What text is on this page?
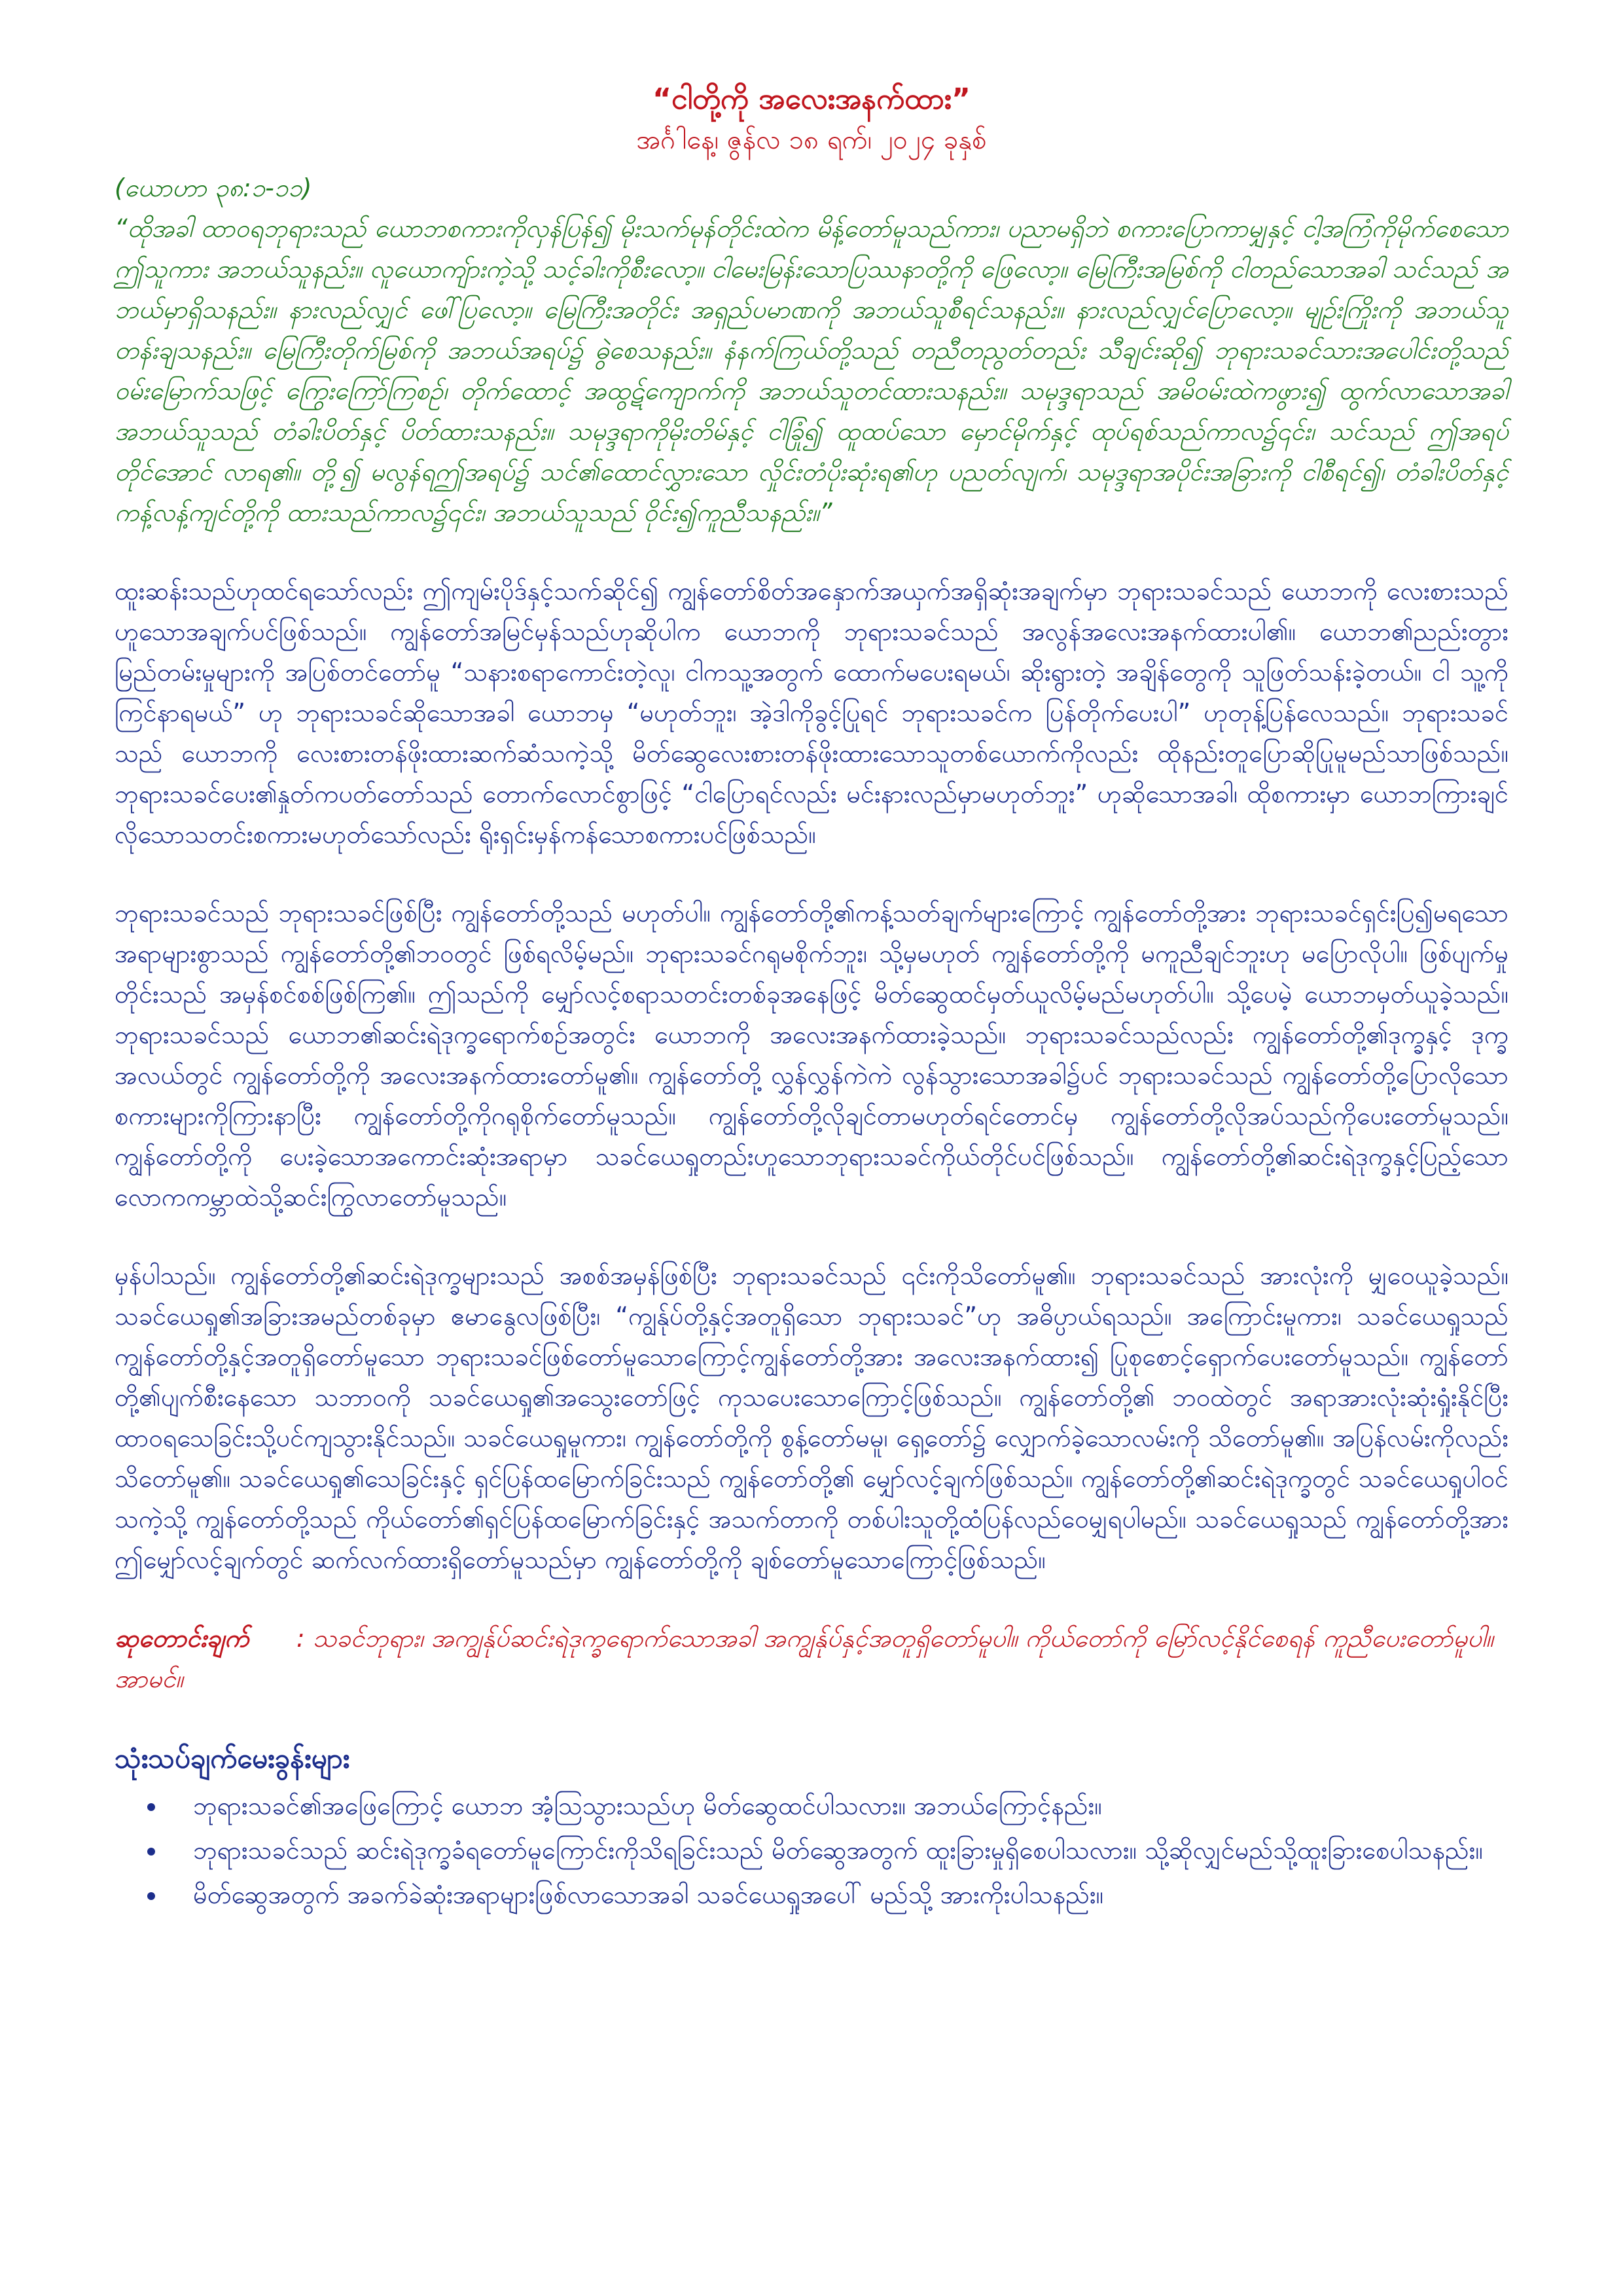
“ငါတို့ကို အလေးအနက်ထား”
အင်္ဂါနေ့၊ ဇွန်လ ၁၈ ရက်၊ ၂၀၂၄ ခုနှစ်
(ယောဟာ ၃၈:၁-၁၁)
“ထိုအခါ ထာဝရဘုရားသည် ယောဘစကားကိုလှန်ပြန်၍ မိုးသက်မုန်တိုင်းထဲက မိန့်တော်မူသည်ကား၊ ပညာမရှိဘဲ စကားပြောကာမျှနှင့် ငါ့အကြံကိုမိုက်စေသော ဤသူကား အဘယ်သူနည်း။ လူယောကျ်ားကဲ့သို့ သင့်ခါးကိုစီးလော့။ ငါမေးမြန်းသောပြဿနာတို့ကို ဖြေလော့။ မြေကြီးအမြစ်ကို ငါတည်သောအခါ သင်သည် အဘယ်မှာရှိသနည်း။ နားလည်လျှင် ဖေါ်ပြလော့။ မြေကြီးအတိုင်း အရှည်ပမာဏကို အဘယ်သူစီရင်သနည်း။ နားလည်လျှင်ပြောလော့။ မျဉ်းကြိုးကို အဘယ်သူတန်းချသနည်း။ မြေကြီးတိုက်မြစ်ကို အဘယ်အရပ်၌ ဓွဲစေသနည်း။ နံနက်ကြယ်တို့သည် တညီတညွတ်တည်း သီချင်းဆို၍ ဘုရားသခင်သားအပေါင်းတို့သည် ဝမ်းမြောက်သဖြင့် ကြွေးကြော်ကြစဉ်၊ တိုက်ထောင့် အထွဋ်ကျောက်ကို အဘယ်သူတင်ထားသနည်း။ သမုဒ္ဒရာသည် အမိဝမ်းထဲကဖွား၍ ထွက်လာသောအခါ အဘယ်သူသည် တံခါးပိတ်နှင့် ပိတ်ထားသနည်း။ သမုဒ္ဒရာကိုမိုးတိမ်နှင့် ငါခြုံ၍ ထူထပ်သော မှောင်မိုက်နှင့် ထုပ်ရစ်သည်ကာလ၌၎င်း၊ သင်သည် ဤအရပ်တိုင်အောင် လာရ၏။ တို့၍ မလွန်ရဤအရပ်၌ သင်၏ထောင်လွှားသော လှိုင်းတံပိုးဆုံးရ၏ဟု ပညတ်လျက်၊ သမုဒ္ဒရာအပိုင်းအခြားကို ငါစီရင်၍၊ တံခါးပိတ်နှင့် ကန့်လန့်ကျင်တို့ကို ထားသည်ကာလ၌၎င်း၊ အဘယ်သူသည် ဝိုင်း၍ကူညီသနည်း။”
ထူးဆန်းသည်ဟုထင်ရသော်လည်း ဤကျမ်းပိုဒ်နှင့်သက်ဆိုင်၍ ကျွန်တော်စိတ်အနှောက်အယှက်အရှိဆုံးအချက်မှာ ဘုရားသခင်သည် ယောဘကို လေးစားသည်ဟူသောအချက်ပင်ဖြစ်သည်။ ကျွန်တော်အမြင်မှန်သည်ဟုဆိုပါက ယောဘကို ဘုရားသခင်သည် အလွန်အလေးအနက်ထားပါ၏။ ယောဘ၏ညည်းတွားမြည်တမ်းမှုများကို အပြစ်တင်တော်မူ “သနားစရာကောင်းတဲ့လူ၊ ငါကသူ့အတွက် ထောက်မပေးရမယ်၊ ဆိုးရွားတဲ့ အချိန်တွေကို သူဖြတ်သန်းခဲ့တယ်။ ငါ သူ့ကို ကြင်နာရမယ်” ဟု ဘုရားသခင်ဆိုသောအခါ ယောဘမှ “မဟုတ်ဘူး၊ အဲ့ဒါကိုခွင့်ပြုရင် ဘုရားသခင်က ပြန်တိုက်ပေးပါ” ဟုတုန့်ပြန်လေသည်။ ဘုရားသခင်သည် ယောဘကို လေးစားတန်ဖိုးထားဆက်ဆံသကဲ့သို့ မိတ်ဆွေလေးစားတန်ဖိုးထားသောသူတစ်ယောက်ကိုလည်း ထိုနည်းတူပြောဆိုပြုမူမည်သာဖြစ်သည်။ ဘုရားသခင်ပေး၏နှုတ်ကပတ်တော်သည် တောက်လောင်စွာဖြင့် “ငါပြောရင်လည်း မင်းနားလည်မှာမဟုတ်ဘူး” ဟုဆိုသောအခါ၊ ထိုစကားမှာ ယောဘကြားချင်လိုသောသတင်းစကားမဟုတ်သော်လည်း ရိုးရှင်းမှန်ကန်သောစကားပင်ဖြစ်သည်။
ဘုရားသခင်သည် ဘုရားသခင်ဖြစ်ပြီး ကျွန်တော်တို့သည် မဟုတ်ပါ။ ကျွန်တော်တို့၏ကန့်သတ်ချက်များကြောင့် ကျွန်တော်တို့အား ဘုရားသခင်ရှင်းပြ၍မရသော အရာများစွာသည် ကျွန်တော်တို့၏ဘဝတွင် ဖြစ်ရလိမ့်မည်။ ဘုရားသခင်ဂရုမစိုက်ဘူး၊ သို့မှမဟုတ် ကျွန်တော်တို့ကို မကူညီချင်ဘူးဟု မပြောလိုပါ။ ဖြစ်ပျက်မှုတိုင်းသည် အမှန်စင်စစ်ဖြစ်ကြ၏။ ဤသည်ကို မျှော်လင့်စရာသတင်းတစ်ခုအနေဖြင့် မိတ်ဆွေထင်မှတ်ယူလိမ့်မည်မဟုတ်ပါ။ သို့ပေမဲ့ ယောဘမှတ်ယူခဲ့သည်။ ဘုရားသခင်သည် ယောဘ၏ဆင်းရဲဒုက္ခရောက်စဉ်အတွင်း ယောဘကို အလေးအနက်ထားခဲ့သည်။ ဘုရားသခင်သည်လည်း ကျွန်တော်တို့၏ဒုက္ခနှင့် ဒုက္ခအလယ်တွင် ကျွန်တော်တို့ကို အလေးအနက်ထားတော်မူ၏။ ကျွန်တော်တို့ လွှန်လွှန်ကဲကဲ လွန်သွားသောအခါ၌ပင် ဘုရားသခင်သည် ကျွန်တော်တို့ပြောလိုသောစကားများကိုကြားနာပြီး ကျွန်တော်တို့ကိုဂရုစိုက်တော်မူသည်။ ကျွန်တော်တို့လိုချင်တာမဟုတ်ရင်တောင်မှ ကျွန်တော်တို့လိုအပ်သည်ကိုပေးတော်မူသည်။ ကျွန်တော်တို့ကို ပေးခဲ့သောအကောင်းဆုံးအရာမှာ သခင်ယေရှုတည်းဟူသောဘုရားသခင်ကိုယ်တိုင်ပင်ဖြစ်သည်။ ကျွန်တော်တို့၏ဆင်းရဲဒုက္ခနှင့်ပြည့်သောလောကကမ္ဘာထဲသို့ဆင်းကြွလာတော်မူသည်။
မှန်ပါသည်။ ကျွန်တော်တို့၏ဆင်းရဲဒုက္ခများသည် အစစ်အမှန်ဖြစ်ပြီး ဘုရားသခင်သည် ၎င်းကိုသိတော်မူ၏။ ဘုရားသခင်သည် အားလုံးကို မျှဝေယူခဲ့သည်။ သခင်ယေရှု၏အခြားအမည်တစ်ခုမှာ ဧမာနွေလဖြစ်ပြီး၊ “ကျွန်ုပ်တို့နှင့်အတူရှိသော ဘုရားသခင်”ဟု အဓိပ္ပာယ်ရသည်။ အကြောင်းမူကား၊ သခင်ယေရှုသည် ကျွန်တော်တို့နှင့်အတူရှိတော်မူသော ဘုရားသခင်ဖြစ်တော်မူသောကြောင့်ကျွန်တော်တို့အား အလေးအနက်ထား၍ ပြုစုစောင့်ရှောက်ပေးတော်မူသည်။ ကျွန်တော်တို့၏ပျက်စီးနေသော သဘာဝကို သခင်ယေရှု၏အသွေးတော်ဖြင့် ကုသပေးသောကြောင့်ဖြစ်သည်။ ကျွန်တော်တို့၏ ဘဝထဲတွင် အရာအားလုံးဆုံးရှုံးနိုင်ပြီး ထာဝရသေခြင်းသို့ပင်ကျသွားနိုင်သည်။ သခင်ယေရှုမူကား၊ ကျွန်တော်တို့ကို စွန့်တော်မမူ၊ ရှေ့တော်၌ လျှောက်ခဲ့သောလမ်းကို သိတော်မူ၏။ အပြန်လမ်းကိုလည်း သိတော်မူ၏။ သခင်ယေရှု၏သေခြင်းနှင့် ရှင်ပြန်ထမြောက်ခြင်းသည် ကျွန်တော်တို့၏ မျှော်လင့်ချက်ဖြစ်သည်။ ကျွန်တော်တို့၏ဆင်းရဲဒုက္ခတွင် သခင်ယေရှုပါဝင်သကဲ့သို့ ကျွန်တော်တို့သည် ကိုယ်တော်၏ရှင်ပြန်ထမြောက်ခြင်းနှင့် အသက်တာကို တစ်ပါးသူတို့ထံပြန်လည်ဝေမျှရပါမည်။ သခင်ယေရှုသည် ကျွန်တော်တို့အား ဤမျှော်လင့်ချက်တွင် ဆက်လက်ထားရှိတော်မူသည်မှာ ကျွန်တော်တို့ကို ချစ်တော်မူသောကြောင့်ဖြစ်သည်။
ဆုတောင်းချက် : သခင်ဘုရား၊ အကျွန်ုပ်ဆင်းရဲဒုက္ခရောက်သောအခါ အကျွန်ုပ်နှင့်အတူရှိတော်မူပါ။ ကိုယ်တော်ကို မြော်လင့်နိုင်စေရန် ကူညီပေးတော်မူပါ။ အာမင်။
သုံးသပ်ချက်မေးခွန်းများ
• ဘုရားသခင်၏အဖြေကြောင့် ယောဘ အံ့ဩသွားသည်ဟု မိတ်ဆွေထင်ပါသလား။ အဘယ်ကြောင့်နည်း။
• ဘုရားသခင်သည် ဆင်းရဲဒုက္ခခံရတော်မူကြောင်းကိုသိရခြင်းသည် မိတ်ဆွေအတွက် ထူးခြားမှုရှိစေပါသလား။ သို့ဆိုလျှင်မည်သို့ထူးခြားစေပါသနည်း။
• မိတ်ဆွေအတွက် အခက်ခဲဆုံးအရာများဖြစ်လာသောအခါ သခင်ယေရှုအပေါ် မည်သို့ အားကိုးပါသနည်း။
